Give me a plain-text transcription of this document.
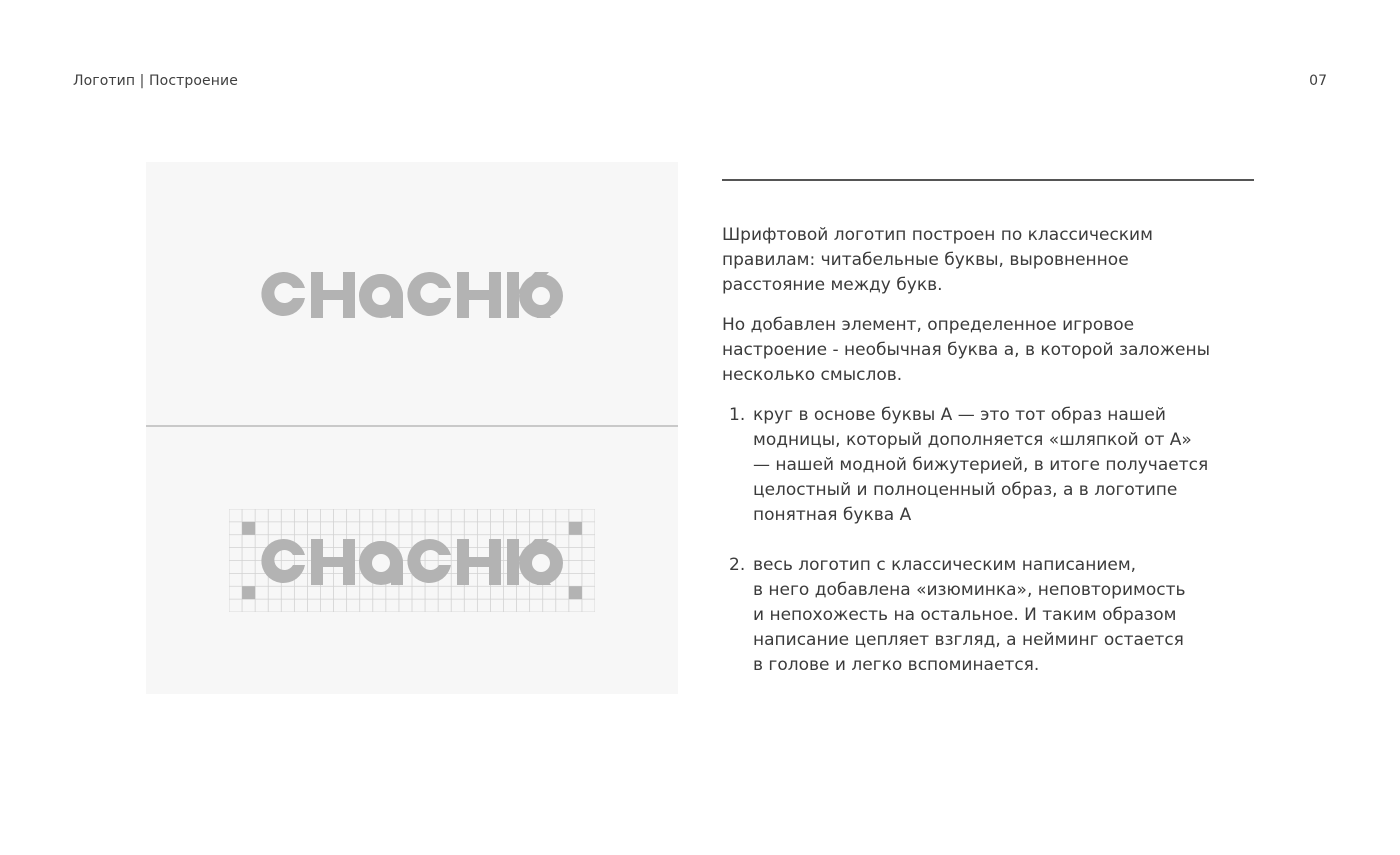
Логотип | Построение	07

Шрифтовой логотип построен по классическим
правилам: читабельные буквы, выровненное
расстояние между букв.

Но добавлен элемент, определенное игровое
настроение - необычная буква а, в которой заложены
несколько смыслов.

1. круг в основе буквы А — это тот образ нашей
модницы, который дополняется «шляпкой от А»
— нашей модной бижутерией, в итоге получается
целостный и полноценный образ, а в логотипе
понятная буква А
2. весь логотип с классическим написанием,
в него добавлена «изюминка», неповторимость
и непохожесть на остальное. И таким образом
написание цепляет взгляд, а нейминг остается
в голове и легко вспоминается.
